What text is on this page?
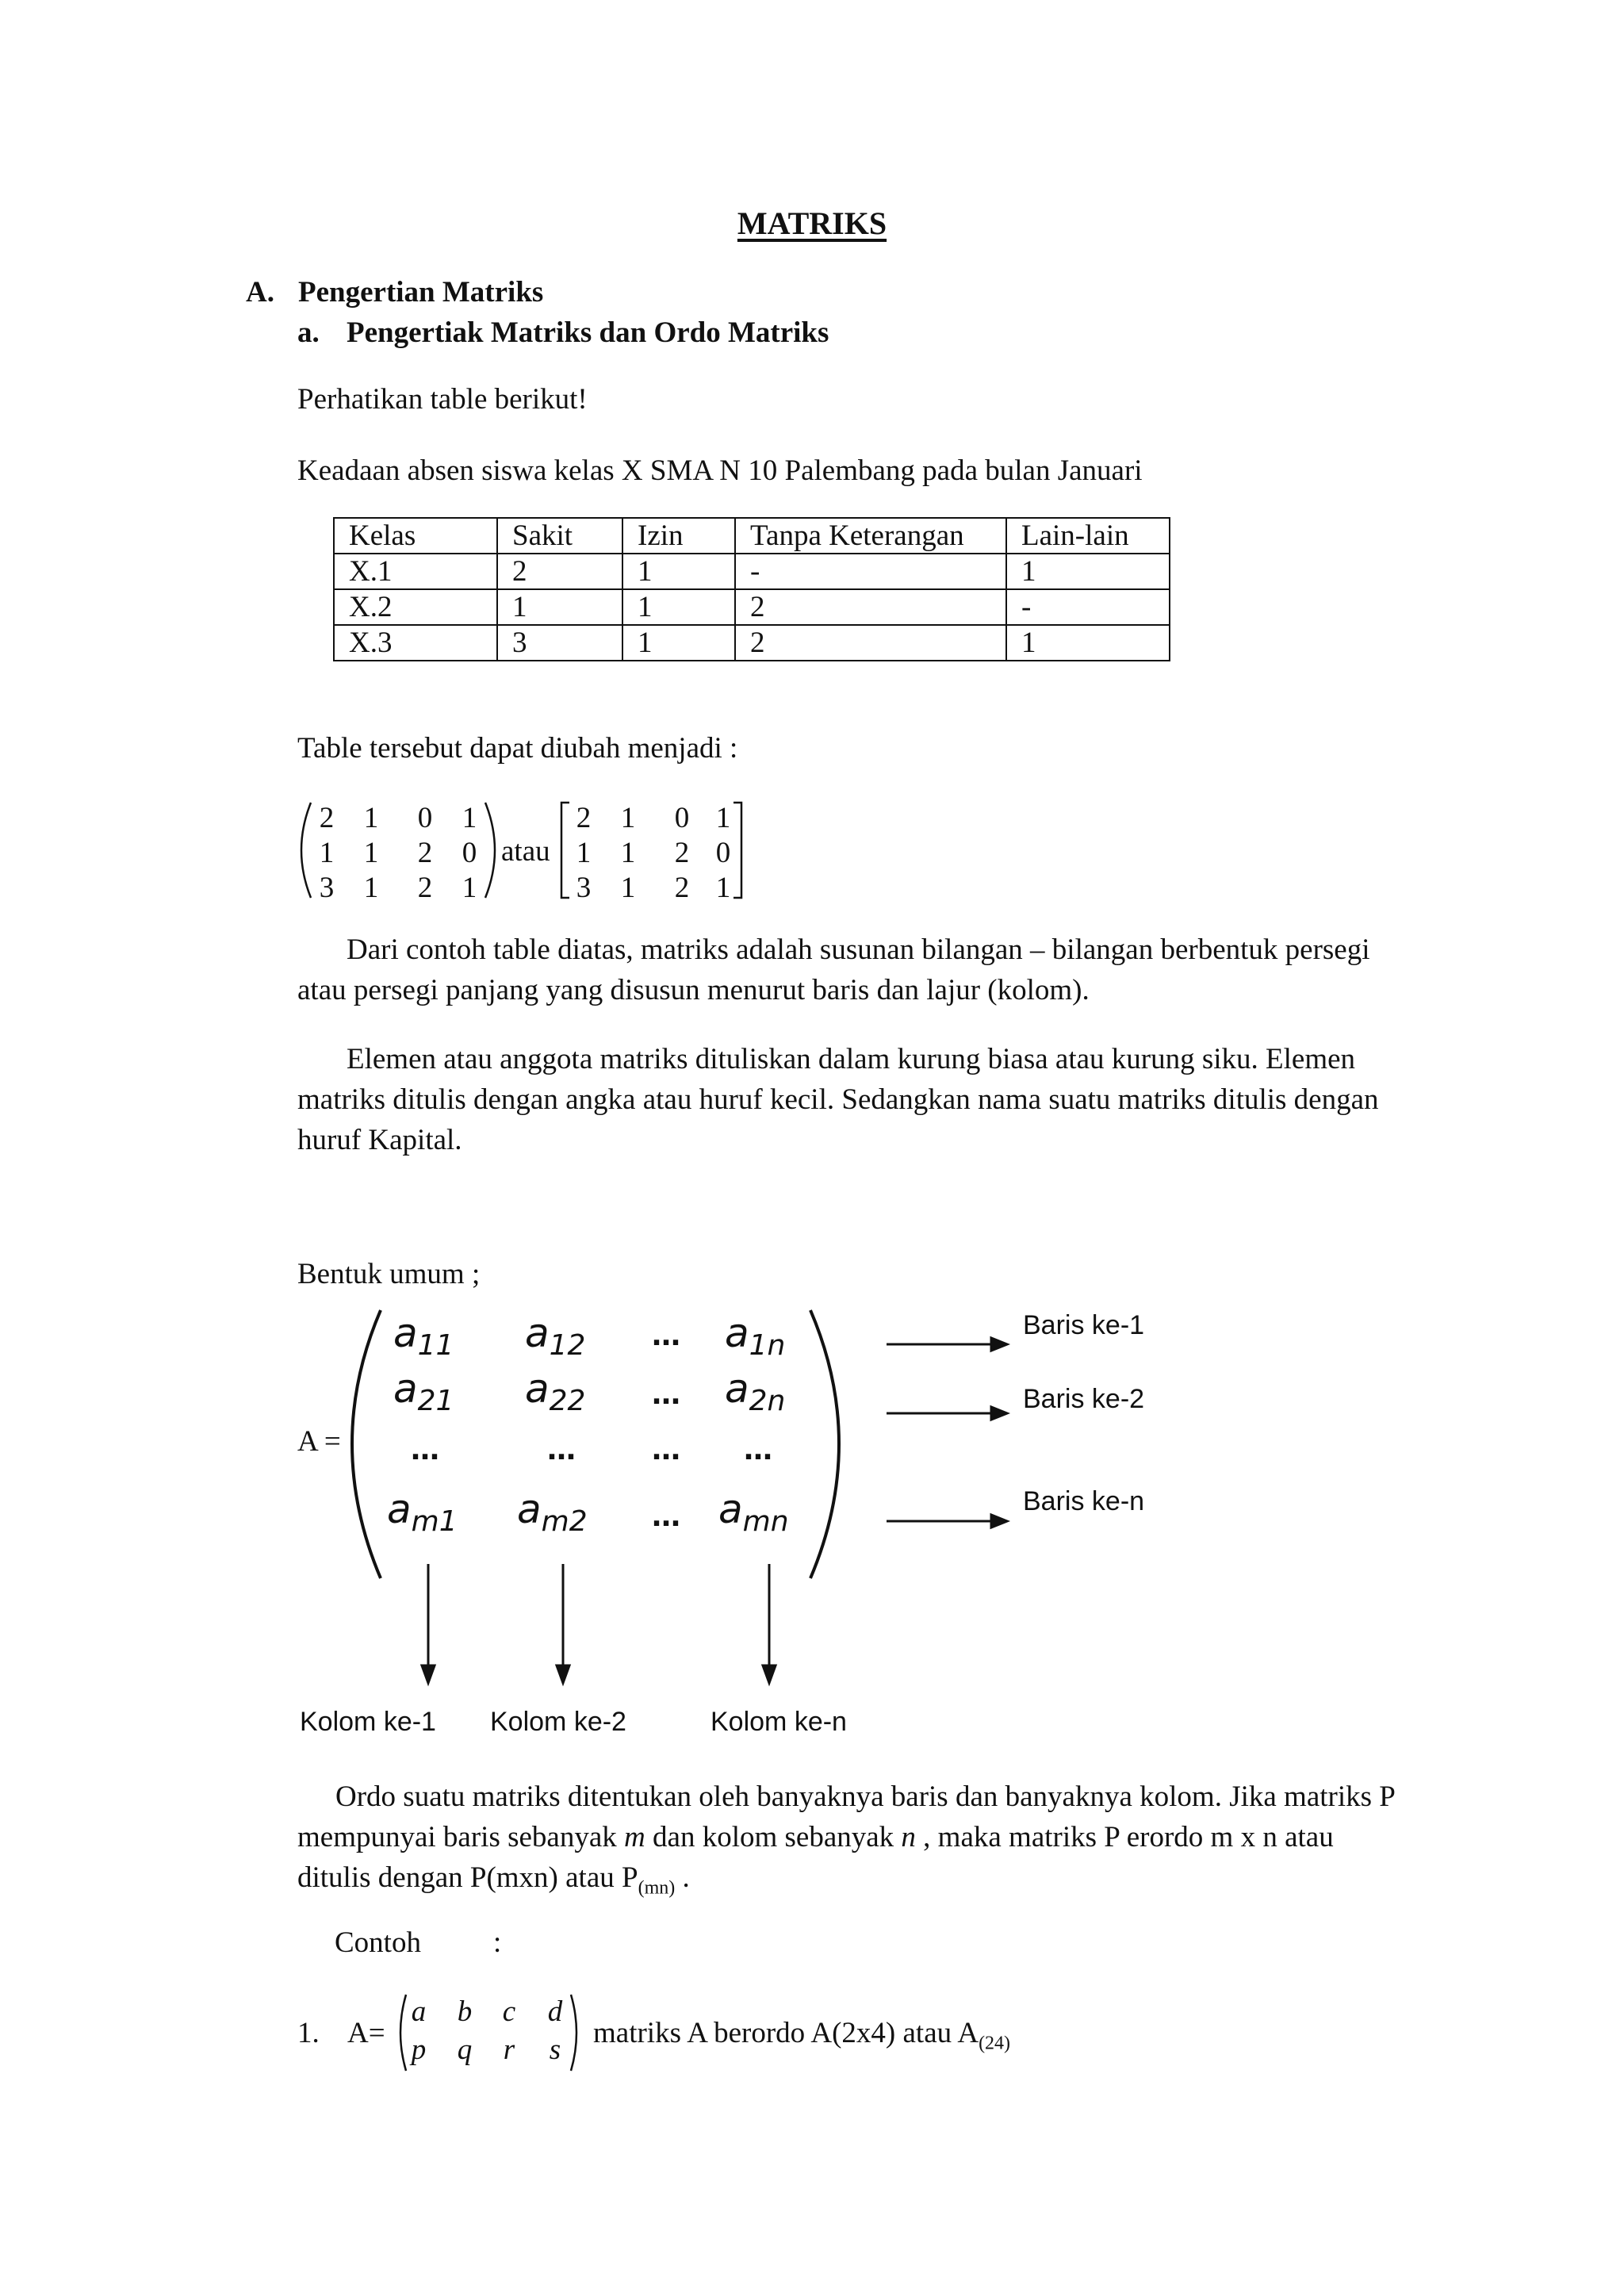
MATRIKS
A. Pengertian Matriks
a. Pengertiak Matriks dan Ordo Matriks
Perhatikan table berikut!
Keadaan absen siswa kelas X SMA N 10 Palembang pada bulan Januari
Kelas	Sakit	Izin	Tanpa Keterangan	Lain-lain
X.1	2	1	-	1
X.2	1	1	2	-
X.3	3	1	2	1
Table tersebut dapat diubah menjadi :
2 1 0 1
1 1 2 0
3 1 2 1
atau
2 1 0 1
1 1 2 0
3 1 2 1
Dari contoh table diatas, matriks adalah susunan bilangan – bilangan berbentuk persegi
atau persegi panjang yang disusun menurut baris dan lajur (kolom).
Elemen atau anggota matriks dituliskan dalam kurung biasa atau kurung siku. Elemen
matriks ditulis dengan angka atau huruf kecil. Sedangkan nama suatu matriks ditulis dengan
huruf Kapital.
Bentuk umum ;
A =
$a_{11}$ $a_{12}$ … $a_{1n}$
$a_{21}$ $a_{22}$ … $a_{2n}$
…	…	… …
$a_{m1}$ $a_{m2}$ … $a_{mn}$
Baris ke-1
Baris ke-2
Baris ke-n
Kolom ke-1 Kolom ke-2	Kolom ke-n
Ordo suatu matriks ditentukan oleh banyaknya baris dan banyaknya kolom. Jika matriks P
mempunyai baris sebanyak m dan kolom sebanyak n , maka matriks P erordo m x n atau
ditulis dengan P(mxn) atau $P_{(mn)}$ .
Contoh :
1. A=
a b	c	d
p q	r	s
matriks A berordo A(2x4) atau $A_{(24)}$
